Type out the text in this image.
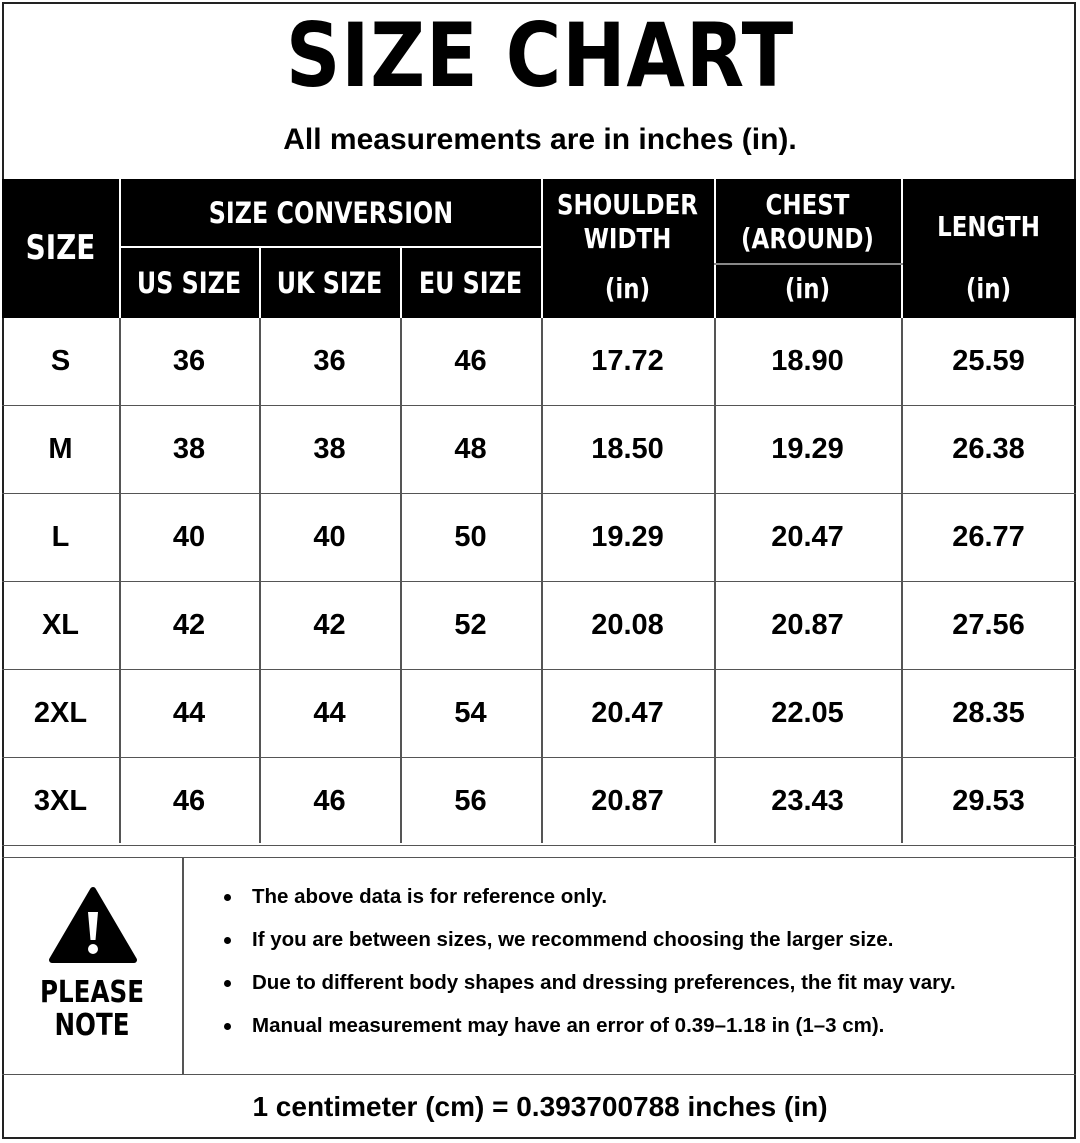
SIZE CHART
All measurements are in inches (in).
SIZE
SIZE CONVERSION
US SIZE UK SIZE EU SIZE
SHOULDER
WIDTH
(in)
CHEST
(AROUND)
(in)
LENGTH
(in)
S	36	36	46	17.72	18.90	25.59
M	38	38	48	18.50	19.29	26.38
L	40	40	50	19.29	20.47	26.77
XL	42	42	52	20.08	20.87	27.56
2XL	44	44	54	20.47	22.05	28.35
3XL	46	46	56	20.87	23.43	29.53
PLEASE
NOTE
The above data is for reference only.
If you are between sizes, we recommend choosing the larger size.
Due to different body shapes and dressing preferences, the fit may vary.
Manual measurement may have an error of 0.39–1.18 in (1–3 cm).
1 centimeter (cm) = 0.393700788 inches (in)
